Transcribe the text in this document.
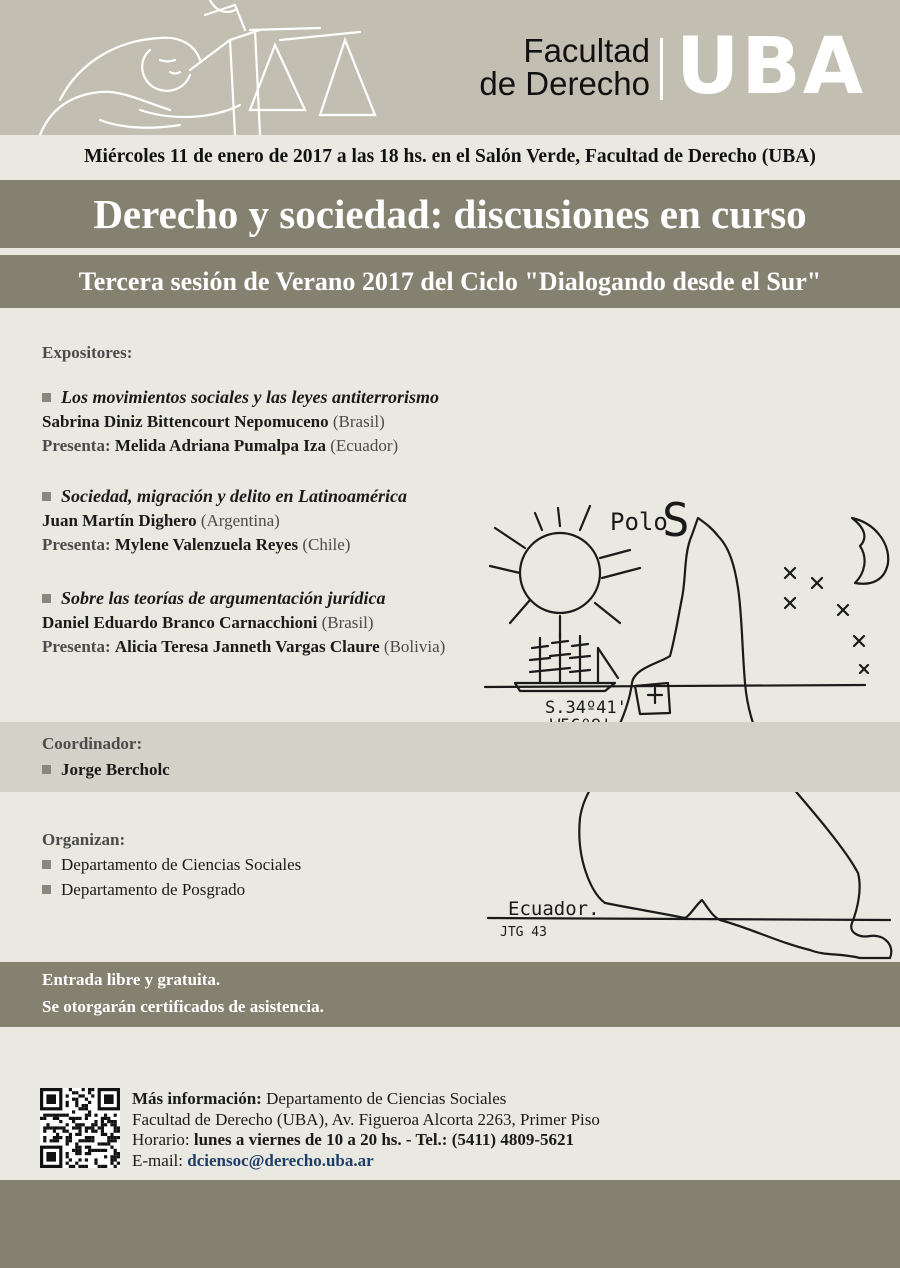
Facultad
de Derecho UBA
Miércoles 11 de enero de 2017 a las 18 hs. en el Salón Verde, Facultad de Derecho (UBA)
Derecho y sociedad: discusiones en curso
Tercera sesión de Verano 2017 del Ciclo "Dialogando desde el Sur"
Polo
S
S.34º41'
Ecuador.
JTG 43
Expositores:
Los movimientos sociales y las leyes antiterrorismo
Sabrina Diniz Bittencourt Nepomuceno (Brasil)
Presenta: Melida Adriana Pumalpa Iza (Ecuador)
Sociedad, migración y delito en Latinoamérica
Juan Martín Dighero (Argentina)
Presenta: Mylene Valenzuela Reyes (Chile)
Sobre las teorías de argumentación jurídica
Daniel Eduardo Branco Carnacchioni (Brasil)
Presenta: Alicia Teresa Janneth Vargas Claure (Bolivia)
Coordinador:
Jorge Bercholc
Organizan:
Departamento de Ciencias Sociales
Departamento de Posgrado
Entrada libre y gratuita.
Se otorgarán certificados de asistencia.
Más información: Departamento de Ciencias Sociales
Facultad de Derecho (UBA), Av. Figueroa Alcorta 2263, Primer Piso
Horario: lunes a viernes de 10 a 20 hs. - Tel.: (5411) 4809-5621
E-mail: dciensoc@derecho.uba.ar
